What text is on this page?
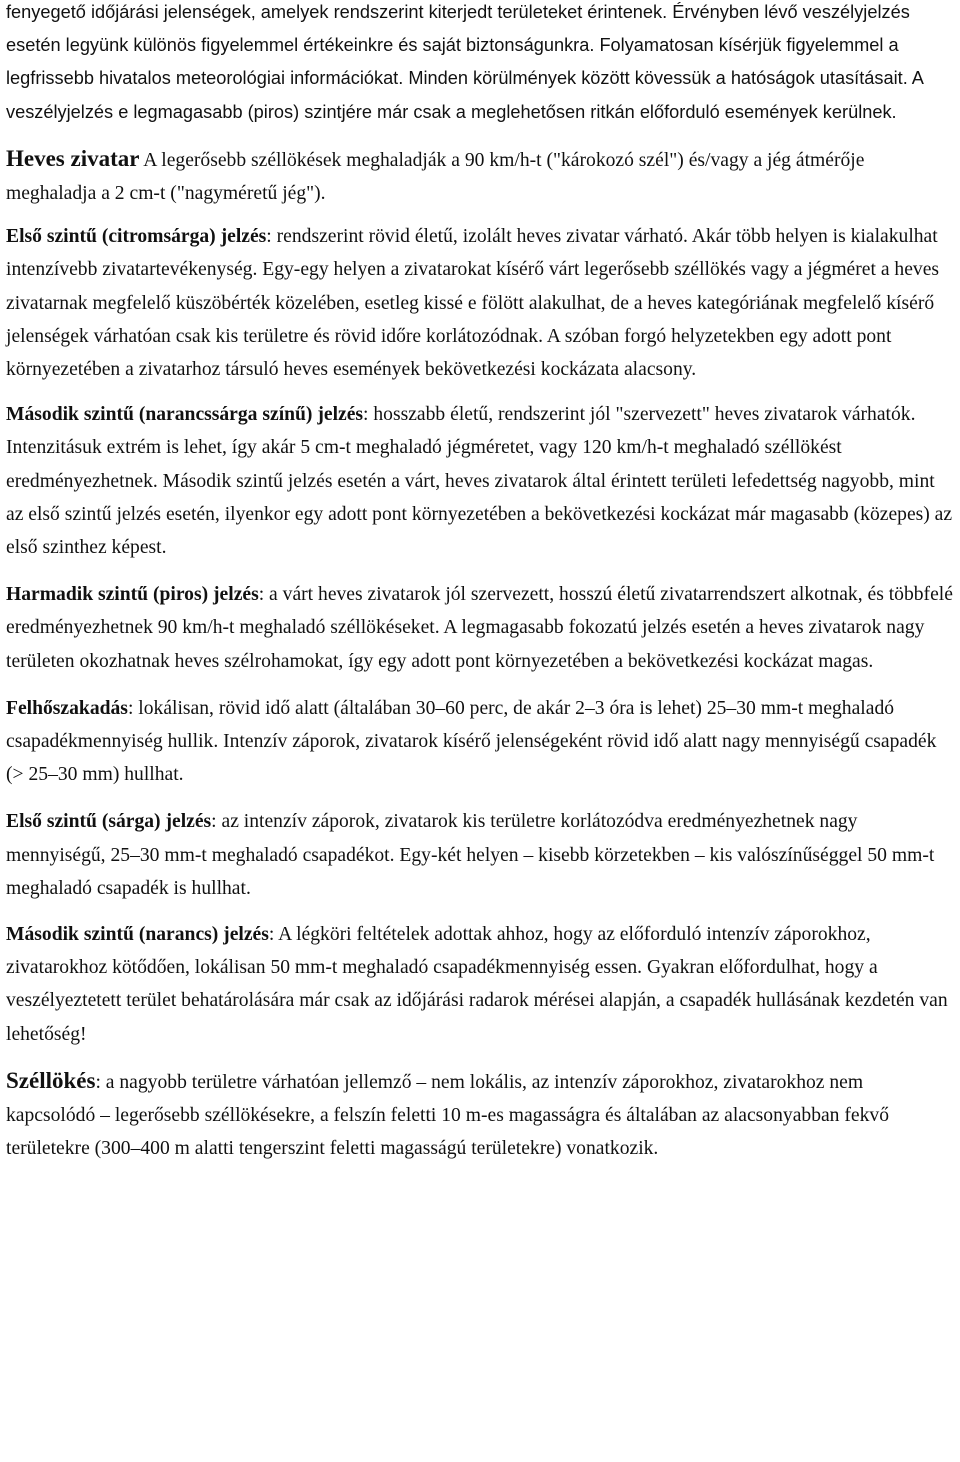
fenyegető időjárási jelenségek, amelyek rendszerint kiterjedt területeket érintenek. Érvényben lévő veszélyjelzés esetén legyünk különös figyelemmel értékeinkre és saját biztonságunkra. Folyamatosan kísérjük figyelemmel a legfrissebb hivatalos meteorológiai információkat. Minden körülmények között kövessük a hatóságok utasításait. A veszélyjelzés e legmagasabb (piros) szintjére már csak a meglehetősen ritkán előforduló események kerülnek.

Heves zivatar A legerősebb széllökések meghaladják a 90 km/h-t ("károkozó szél") és/vagy a jég átmérője meghaladja a 2 cm-t ("nagyméretű jég").

Első szintű (citromsárga) jelzés: rendszerint rövid életű, izolált heves zivatar várható. Akár több helyen is kialakulhat intenzívebb zivatartevékenység. Egy-egy helyen a zivatarokat kísérő várt legerősebb széllökés vagy a jégméret a heves zivatarnak megfelelő küszöbérték közelében, esetleg kissé e fölött alakulhat, de a heves kategóriának megfelelő kísérő jelenségek várhatóan csak kis területre és rövid időre korlátozódnak. A szóban forgó helyzetekben egy adott pont környezetében a zivatarhoz társuló heves események bekövetkezési kockázata alacsony.

Második szintű (narancssárga színű) jelzés: hosszabb életű, rendszerint jól "szervezett" heves zivatarok várhatók. Intenzitásuk extrém is lehet, így akár 5 cm-t meghaladó jégméretet, vagy 120 km/h-t meghaladó széllökést eredményezhetnek. Második szintű jelzés esetén a várt, heves zivatarok által érintett területi lefedettség nagyobb, mint az első szintű jelzés esetén, ilyenkor egy adott pont környezetében a bekövetkezési kockázat már magasabb (közepes) az első szinthez képest.

Harmadik szintű (piros) jelzés: a várt heves zivatarok jól szervezett, hosszú életű zivatarrendszert alkotnak, és többfelé eredményezhetnek 90 km/h-t meghaladó széllökéseket. A legmagasabb fokozatú jelzés esetén a heves zivatarok nagy területen okozhatnak heves szélrohamokat, így egy adott pont környezetében a bekövetkezési kockázat magas.

Felhőszakadás: lokálisan, rövid idő alatt (általában 30–60 perc, de akár 2–3 óra is lehet) 25–30 mm-t meghaladó csapadékmennyiség hullik. Intenzív záporok, zivatarok kísérő jelenségeként rövid idő alatt nagy mennyiségű csapadék (> 25–30 mm) hullhat.

Első szintű (sárga) jelzés: az intenzív záporok, zivatarok kis területre korlátozódva eredményezhetnek nagy mennyiségű, 25–30 mm-t meghaladó csapadékot. Egy-két helyen – kisebb körzetekben – kis valószínűséggel 50 mm-t meghaladó csapadék is hullhat.

Második szintű (narancs) jelzés: A légköri feltételek adottak ahhoz, hogy az előforduló intenzív záporokhoz, zivatarokhoz kötődően, lokálisan 50 mm-t meghaladó csapadékmennyiség essen. Gyakran előfordulhat, hogy a veszélyeztetett terület behatárolására már csak az időjárási radarok mérései alapján, a csapadék hullásának kezdetén van lehetőség!

Széllökés: a nagyobb területre várhatóan jellemző – nem lokális, az intenzív záporokhoz, zivatarokhoz nem kapcsolódó – legerősebb széllökésekre, a felszín feletti 10 m-es magasságra és általában az alacsonyabban fekvő területekre (300–400 m alatti tengerszint feletti magasságú területekre) vonatkozik.
